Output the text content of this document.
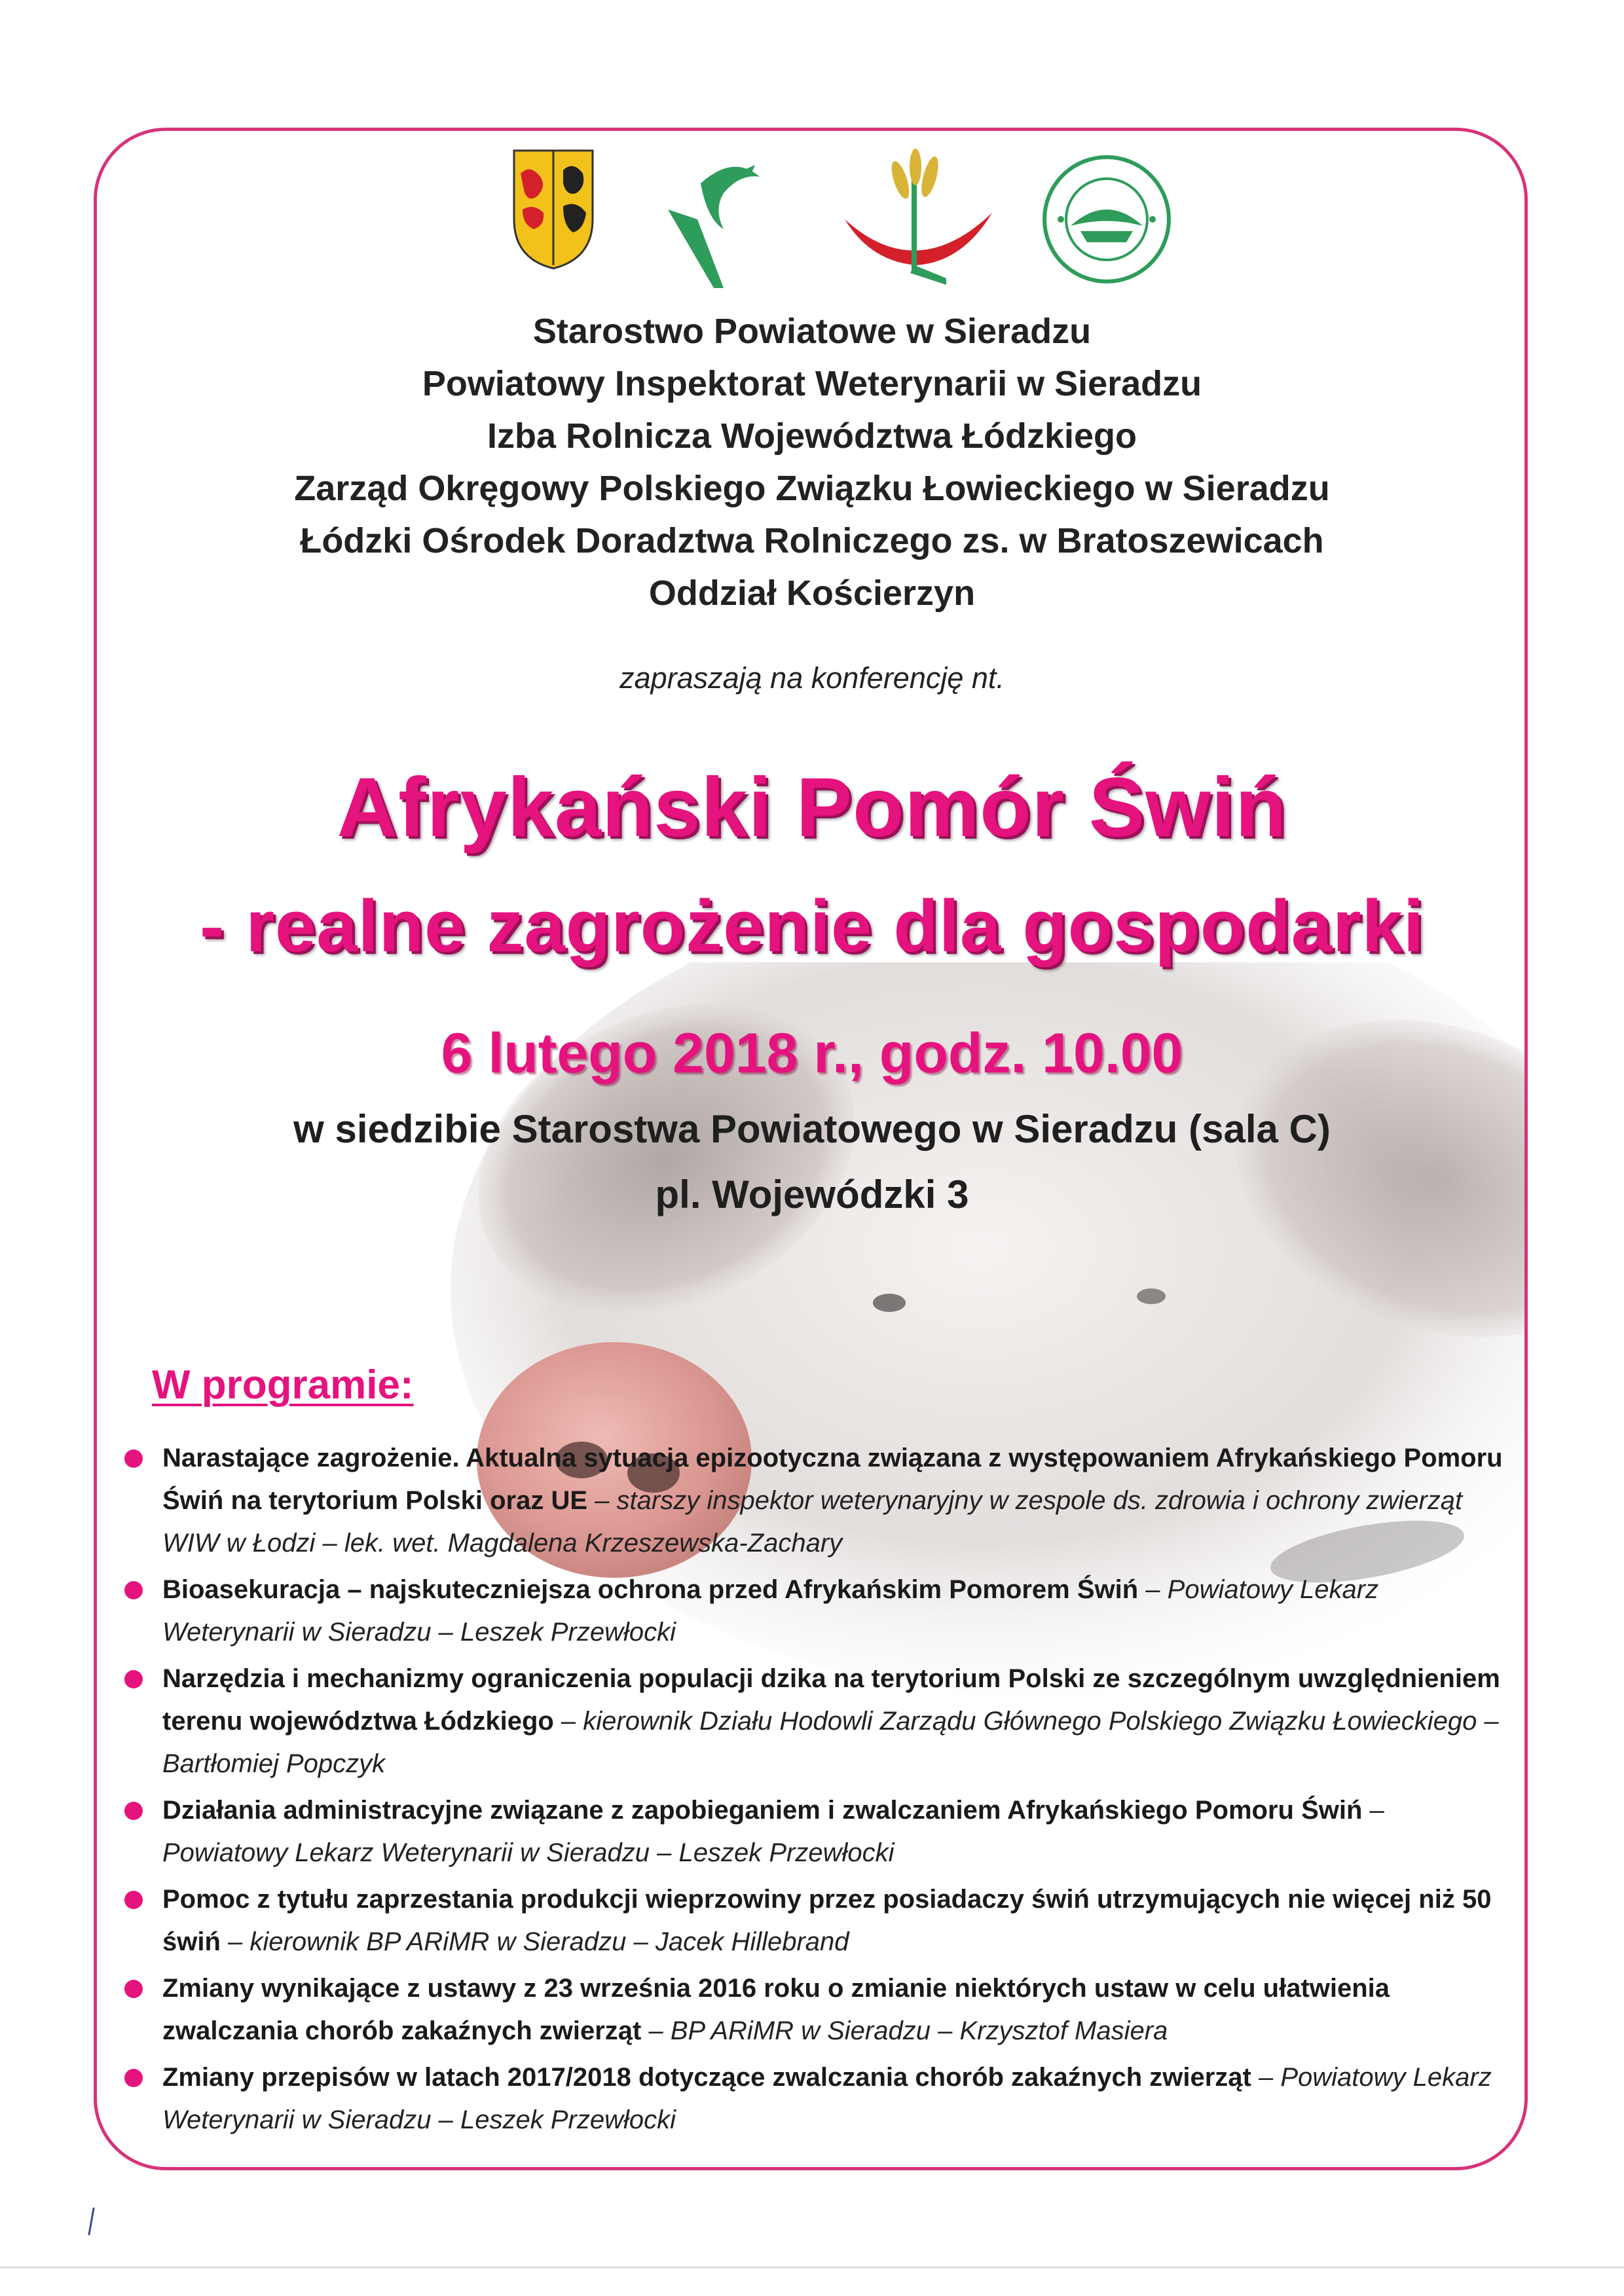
Starostwo Powiatowe w Sieradzu
Powiatowy Inspektorat Weterynarii w Sieradzu
Izba Rolnicza Województwa Łódzkiego
Zarząd Okręgowy Polskiego Związku Łowieckiego w Sieradzu
Łódzki Ośrodek Doradztwa Rolniczego zs. w Bratoszewicach
Oddział Kościerzyn
zapraszają na konferencję nt.
Afrykański Pomór Świń
- realne zagrożenie dla gospodarki
6 lutego 2018 r., godz. 10.00
w siedzibie Starostwa Powiatowego w Sieradzu (sala C)
pl. Wojewódzki 3
W programie:
Narastające zagrożenie. Aktualna sytuacja epizootyczna związana z występowaniem Afrykańskiego Pomoru Świń na terytorium Polski oraz UE – starszy inspektor weterynaryjny w zespole ds. zdrowia i ochrony zwierząt WIW w Łodzi – lek. wet. Magdalena Krzeszewska-Zachary
Bioasekuracja – najskuteczniejsza ochrona przed Afrykańskim Pomorem Świń – Powiatowy Lekarz Weterynarii w Sieradzu – Leszek Przewłocki
Narzędzia i mechanizmy ograniczenia populacji dzika na terytorium Polski ze szczególnym uwzględnieniem terenu województwa Łódzkiego – kierownik Działu Hodowli Zarządu Głównego Polskiego Związku Łowieckiego – Bartłomiej Popczyk
Działania administracyjne związane z zapobieganiem i zwalczaniem Afrykańskiego Pomoru Świń – Powiatowy Lekarz Weterynarii w Sieradzu – Leszek Przewłocki
Pomoc z tytułu zaprzestania produkcji wieprzowiny przez posiadaczy świń utrzymujących nie więcej niż 50 świń – kierownik BP ARiMR w Sieradzu – Jacek Hillebrand
Zmiany wynikające z ustawy z 23 września 2016 roku o zmianie niektórych ustaw w celu ułatwienia zwalczania chorób zakaźnych zwierząt – BP ARiMR w Sieradzu – Krzysztof Masiera
Zmiany przepisów w latach 2017/2018 dotyczące zwalczania chorób zakaźnych zwierząt – Powiatowy Lekarz Weterynarii w Sieradzu – Leszek Przewłocki
